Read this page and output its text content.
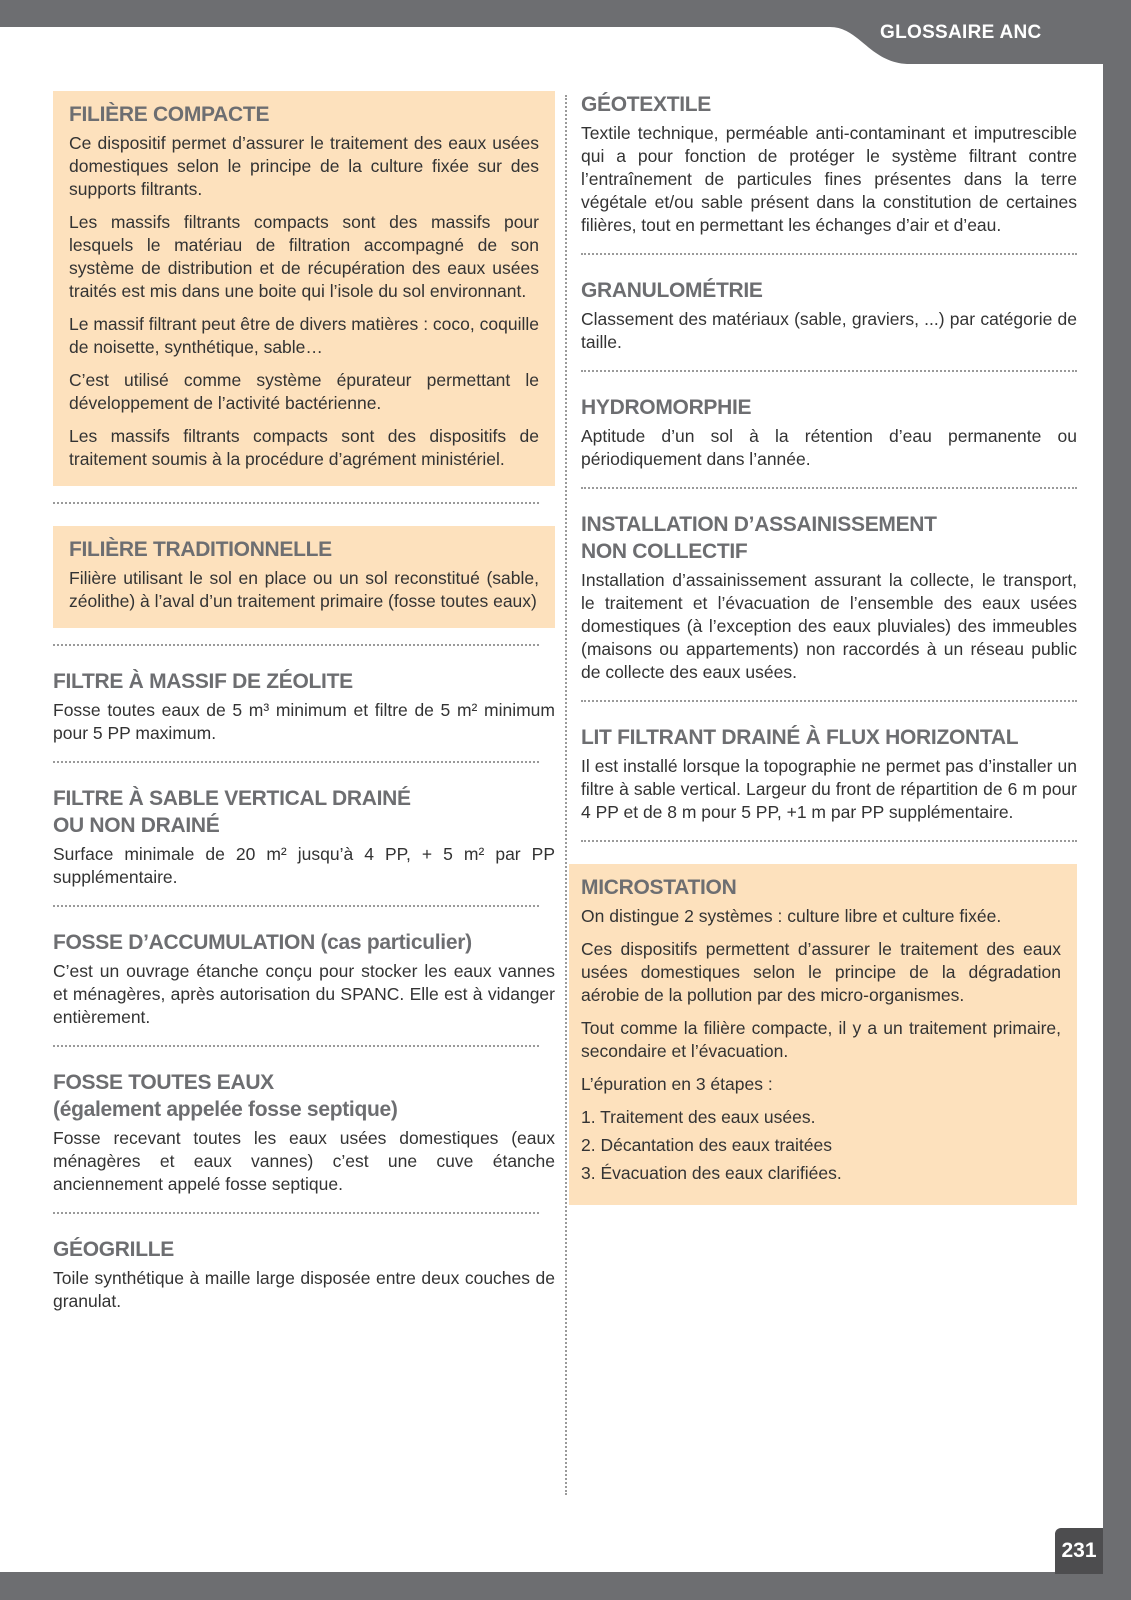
GLOSSAIRE ANC
FILIÈRE COMPACTE

Ce dispositif permet d’assurer le traitement des eaux usées domestiques selon le principe de la culture fixée sur des supports filtrants.

Les massifs filtrants compacts sont des massifs pour lesquels le matériau de filtration accompagné de son système de distribution et de récupération des eaux usées traités est mis dans une boite qui l’isole du sol environnant.

Le massif filtrant peut être de divers matières : coco, coquille de noisette, synthétique, sable…

C’est utilisé comme système épurateur permettant le développement de l’activité bactérienne.

Les massifs filtrants compacts sont des dispositifs de traitement soumis à la procédure d’agrément ministériel.

FILIÈRE TRADITIONNELLE

Filière utilisant le sol en place ou un sol reconstitué (sable, zéolithe) à l’aval d’un traitement primaire (fosse toutes eaux)

FILTRE À MASSIF DE ZÉOLITE

Fosse toutes eaux de 5 m³ minimum et filtre de 5 m² minimum pour 5 PP maximum.

FILTRE À SABLE VERTICAL DRAINÉ
OU NON DRAINÉ

Surface minimale de 20 m² jusqu’à 4 PP, + 5 m² par PP supplémentaire.

FOSSE D’ACCUMULATION (cas particulier)

C’est un ouvrage étanche conçu pour stocker les eaux vannes et ménagères, après autorisation du SPANC. Elle est à vidanger entièrement.

FOSSE TOUTES EAUX
(également appelée fosse septique)

Fosse recevant toutes les eaux usées domestiques (eaux ménagères et eaux vannes) c’est une cuve étanche anciennement appelé fosse septique.

GÉOGRILLE

Toile synthétique à maille large disposée entre deux couches de granulat.

GÉOTEXTILE

Textile technique, perméable anti-contaminant et imputrescible qui a pour fonction de protéger le système filtrant contre l’entraînement de particules fines présentes dans la terre végétale et/ou sable présent dans la constitution de certaines filières, tout en permettant les échanges d’air et d’eau.

GRANULOMÉTRIE

Classement des matériaux (sable, graviers, ...) par catégorie de taille.

HYDROMORPHIE

Aptitude d’un sol à la rétention d’eau permanente ou périodiquement dans l’année.

INSTALLATION D’ASSAINISSEMENT
NON COLLECTIF

Installation d’assainissement assurant la collecte, le transport, le traitement et l’évacuation de l’ensemble des eaux usées domestiques (à l’exception des eaux pluviales) des immeubles (maisons ou appartements) non raccordés à un réseau public de collecte des eaux usées.

LIT FILTRANT DRAINÉ À FLUX HORIZONTAL

Il est installé lorsque la topographie ne permet pas d’installer un filtre à sable vertical. Largeur du front de répartition de 6 m pour 4 PP et de 8 m pour 5 PP, +1 m par PP supplémentaire.

MICROSTATION

On distingue 2 systèmes : culture libre et culture fixée.

Ces dispositifs permettent d’assurer le traitement des eaux usées domestiques selon le principe de la dégradation aérobie de la pollution par des micro-organismes.

Tout comme la filière compacte, il y a un traitement primaire, secondaire et l’évacuation.

L’épuration en 3 étapes :

1. Traitement des eaux usées.
2. Décantation des eaux traitées
3. Évacuation des eaux clarifiées.
231
